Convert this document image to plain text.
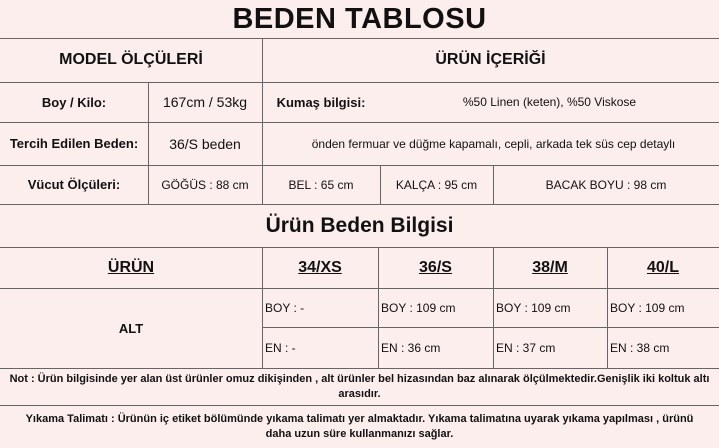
BEDEN TABLOSU
MODEL ÖLÇÜLERİ	ÜRÜN İÇERİĞİ
Boy / Kilo:	167cm / 53kg	Kumaş bilgisi:	%50 Linen (keten), %50 Viskose
Tercih Edilen Beden:	36/S beden	önden fermuar ve düğme kapamalı, cepli, arkada tek süs cep detaylı
Vücut Ölçüleri:	GÖĞÜS : 88 cm	BEL : 65 cm	KALÇA : 95 cm	BACAK BOYU : 98 cm
Ürün Beden Bilgisi
ÜRÜN	34/XS	36/S	38/M	40/L
ALT
BOY : -	BOY : 109 cm	BOY : 109 cm	BOY : 109 cm
EN : -	EN : 36 cm	EN : 37 cm	EN : 38 cm
Not : Ürün bilgisinde yer alan üst ürünler omuz dikişinden , alt ürünler bel hizasından baz alınarak ölçülmektedir.Genişlik iki koltuk altı arasıdır.
Yıkama Talimatı : Ürünün iç etiket bölümünde yıkama talimatı yer almaktadır. Yıkama talimatına uyarak yıkama yapılması , ürünü daha uzun süre kullanmanızı sağlar.
